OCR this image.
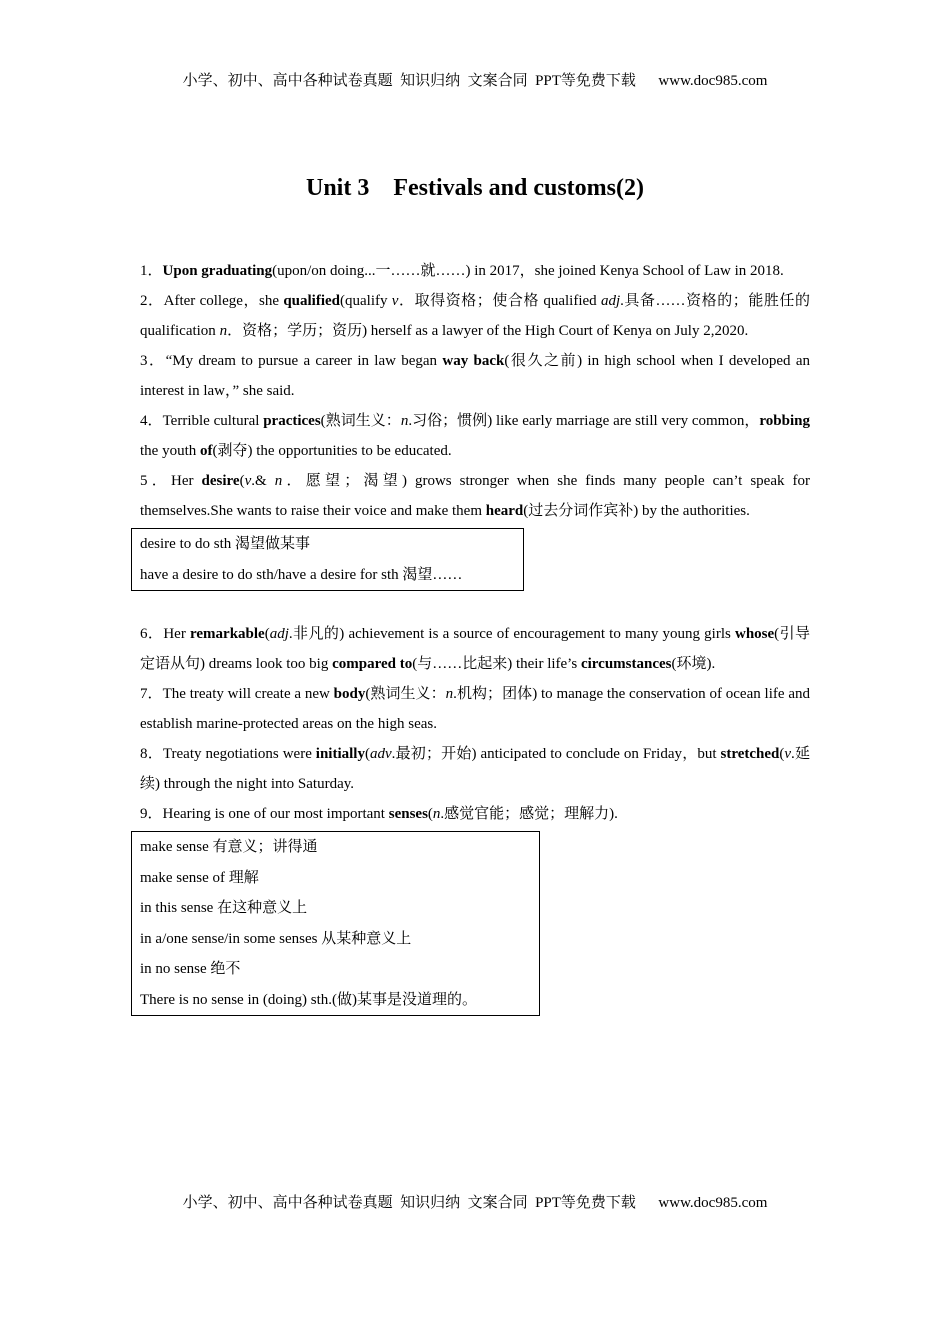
小学、初中、高中各种试卷真题  知识归纳  文案合同  PPT等免费下载      www.doc985.com
Unit 3    Festivals and customs(2)

1．Upon graduating(upon/on doing...一……就……) in 2017，she joined Kenya School of Law in 2018.

2．After college，she qualified(qualify v．取得资格；使合格 qualified adj.具备……资格的；能胜任的 qualification n．资格；学历；资历) herself as a lawyer of the High Court of Kenya on July 2,2020.

3．“My dream to pursue a career in law began way back(很久之前) in high school when I developed an interest in law，” she said.

4．Terrible cultural practices(熟词生义：n.习俗；惯例) like early marriage are still very common，robbing the youth of(剥夺) the opportunities to be educated.

5．Her desire(v.& n．愿望；渴望) grows stronger when she finds many people can’t speak for themselves.She wants to raise their voice and make them heard(过去分词作宾补) by the authorities.

desire to do sth 渴望做某事
have a desire to do sth/have a desire for sth 渴望……

6．Her remarkable(adj.非凡的) achievement is a source of encouragement to many young girls whose(引导定语从句) dreams look too big compared to(与……比起来) their life’s circumstances(环境).

7．The treaty will create a new body(熟词生义：n.机构；团体) to manage the conservation of ocean life and establish marine-protected areas on the high seas.

8．Treaty negotiations were initially(adv.最初；开始) anticipated to conclude on Friday，but stretched(v.延续) through the night into Saturday.

9．Hearing is one of our most important senses(n.感觉官能；感觉；理解力).

make sense 有意义；讲得通
make sense of 理解
in this sense 在这种意义上
in a/one sense/in some senses 从某种意义上
in no sense 绝不
There is no sense in (doing) sth.(做)某事是没道理的。
小学、初中、高中各种试卷真题  知识归纳  文案合同  PPT等免费下载      www.doc985.com
